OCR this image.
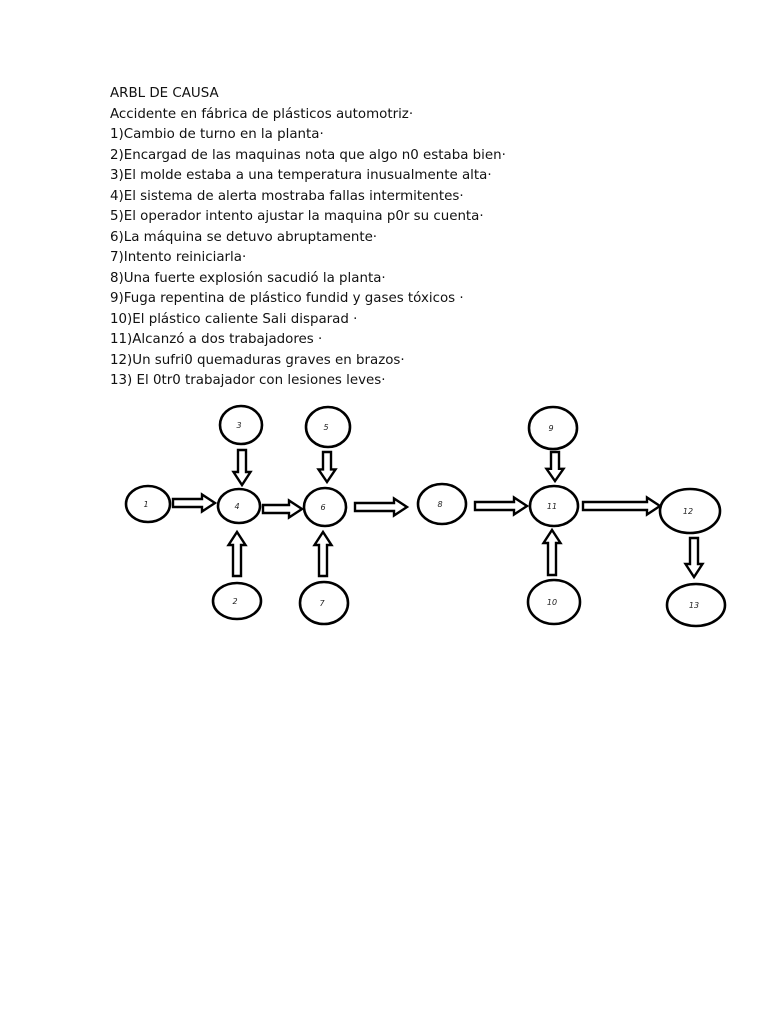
ARBL DE CAUSA
Accidente en fábrica de plásticos automotriz·
1)Cambio de turno en la planta·
2)Encargad de las maquinas nota que algo n0 estaba bien·
3)El molde estaba a una temperatura inusualmente alta·
4)El sistema de alerta mostraba fallas intermitentes·
5)El operador intento ajustar la maquina p0r su cuenta·
6)La máquina se detuvo abruptamente·
7)Intento reiniciarla·
8)Una fuerte explosión sacudió la planta·
9)Fuga repentina de plástico fundid y gases tóxicos ·
10)El plástico caliente Sali disparad ·
11)Alcanzó a dos trabajadores ·
12)Un sufri0 quemaduras graves en brazos·
13) El 0tr0 trabajador con lesiones leves·
1
2
3
4
5
6
7
8
9
10
11
12
13
